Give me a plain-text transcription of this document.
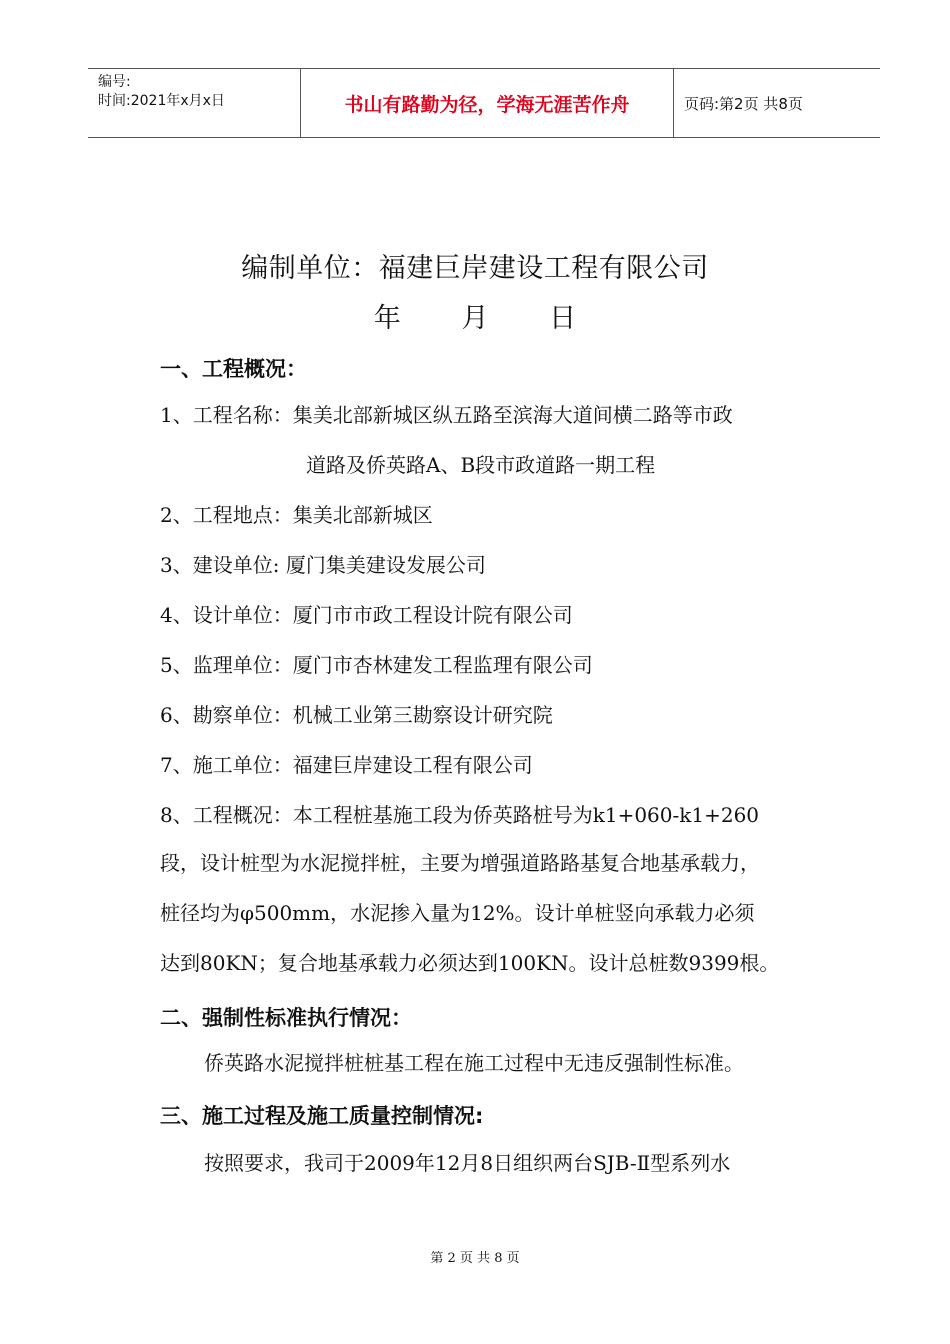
编号:
时间:2021年x月x日	书山有路勤为径，学海无涯苦作舟	页码:第2页 共8页
编制单位：福建巨岸建设工程有限公司
年 月 日
一、工程概况：
1、工程名称：集美北部新城区纵五路至滨海大道间横二路等市政
道路及侨英路A、B段市政道路一期工程
2、工程地点：集美北部新城区
3、建设单位: 厦门集美建设发展公司
4、设计单位：厦门市市政工程设计院有限公司
5、监理单位：厦门市杏林建发工程监理有限公司
6、勘察单位：机械工业第三勘察设计研究院
7、施工单位：福建巨岸建设工程有限公司
8、工程概况：本工程桩基施工段为侨英路桩号为k1+060-k1+260
段，设计桩型为水泥搅拌桩，主要为增强道路路基复合地基承载力，
桩径均为φ500mm，水泥掺入量为12%。设计单桩竖向承载力必须
达到80KN；复合地基承载力必须达到100KN。设计总桩数9399根。
二、强制性标准执行情况：
侨英路水泥搅拌桩桩基工程在施工过程中无违反强制性标准。
三、施工过程及施工质量控制情况:
按照要求，我司于2009年12月8日组织两台SJB-Ⅱ型系列水
第 2 页 共 8 页
